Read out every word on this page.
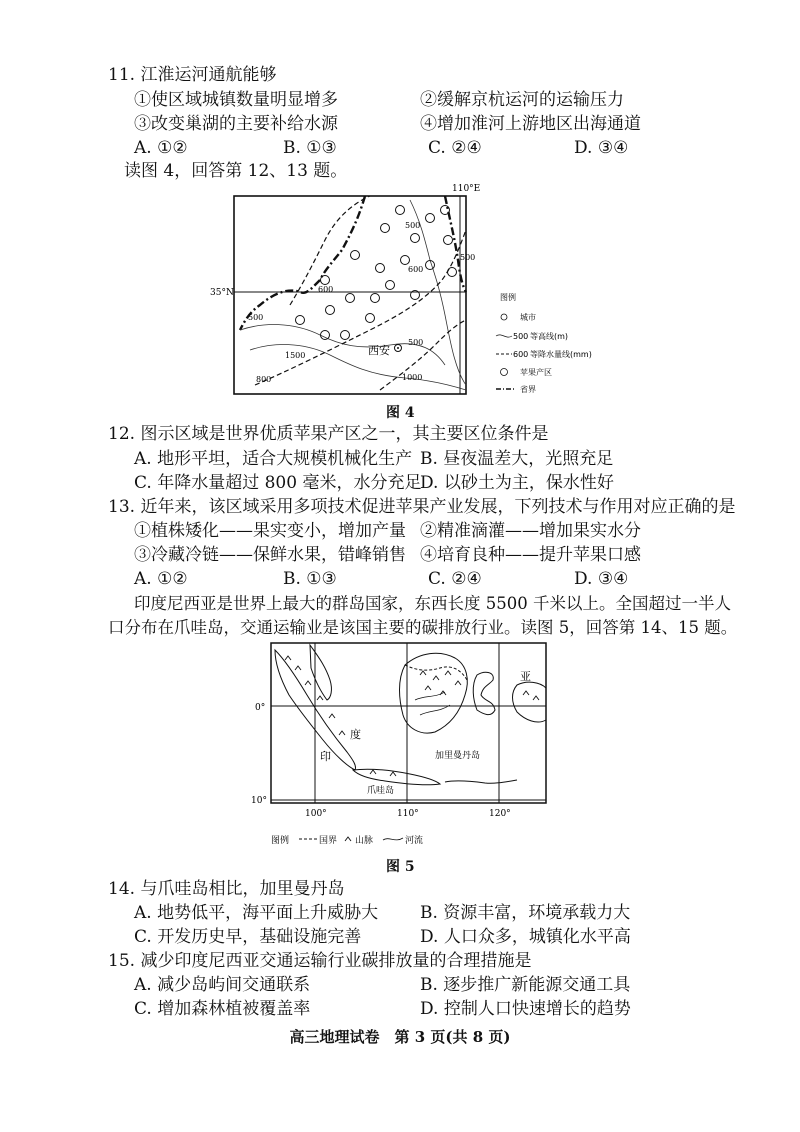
11. 江淮运河通航能够
①使区域城镇数量明显增多	②缓解京杭运河的运输压力
③改变巢湖的主要补给水源	④增加淮河上游地区出海通道
A. ①②	B. ①③	C. ②④	D. ③④
读图 4，回答第 12、13 题。
110°E
35°N
500
500
600
600
1500
800	1000
500
500
西安
图例
城市
500 等高线(m)
600 等降水量线(mm)
苹果产区
省界
图 4
12. 图示区域是世界优质苹果产区之一，其主要区位条件是
A. 地形平坦，适合大规模机械化生产 B. 昼夜温差大，光照充足
C. 年降水量超过 800 毫米，水分充足
D. 以砂土为主，保水性好
13. 近年来，该区域采用多项技术促进苹果产业发展，下列技术与作用对应正确的是
①植株矮化——果实变小，增加产量 ②精准滴灌——增加果实水分
③冷藏冷链——保鲜水果，错峰销售 ④培育良种——提升苹果口感
A. ①②	B. ①③	C. ②④	D. ③④
印度尼西亚是世界上最大的群岛国家，东西长度 5500 千米以上。全国超过一半人
口分布在爪哇岛，交通运输业是该国主要的碳排放行业。读图 5，回答第 14、15 题。
0°
10°
100°	110°	120°
度
印
亚
加里曼丹岛
爪哇岛
图例	国界 山脉	河流
图 5
14. 与爪哇岛相比，加里曼丹岛
A. 地势低平，海平面上升威胁大 B. 资源丰富，环境承载力大
C. 开发历史早，基础设施完善	D. 人口众多，城镇化水平高
15. 减少印度尼西亚交通运输行业碳排放量的合理措施是
A. 减少岛屿间交通联系	B. 逐步推广新能源交通工具
C. 增加森林植被覆盖率	D. 控制人口快速增长的趋势
高三地理试卷　第 3 页(共 8 页)
